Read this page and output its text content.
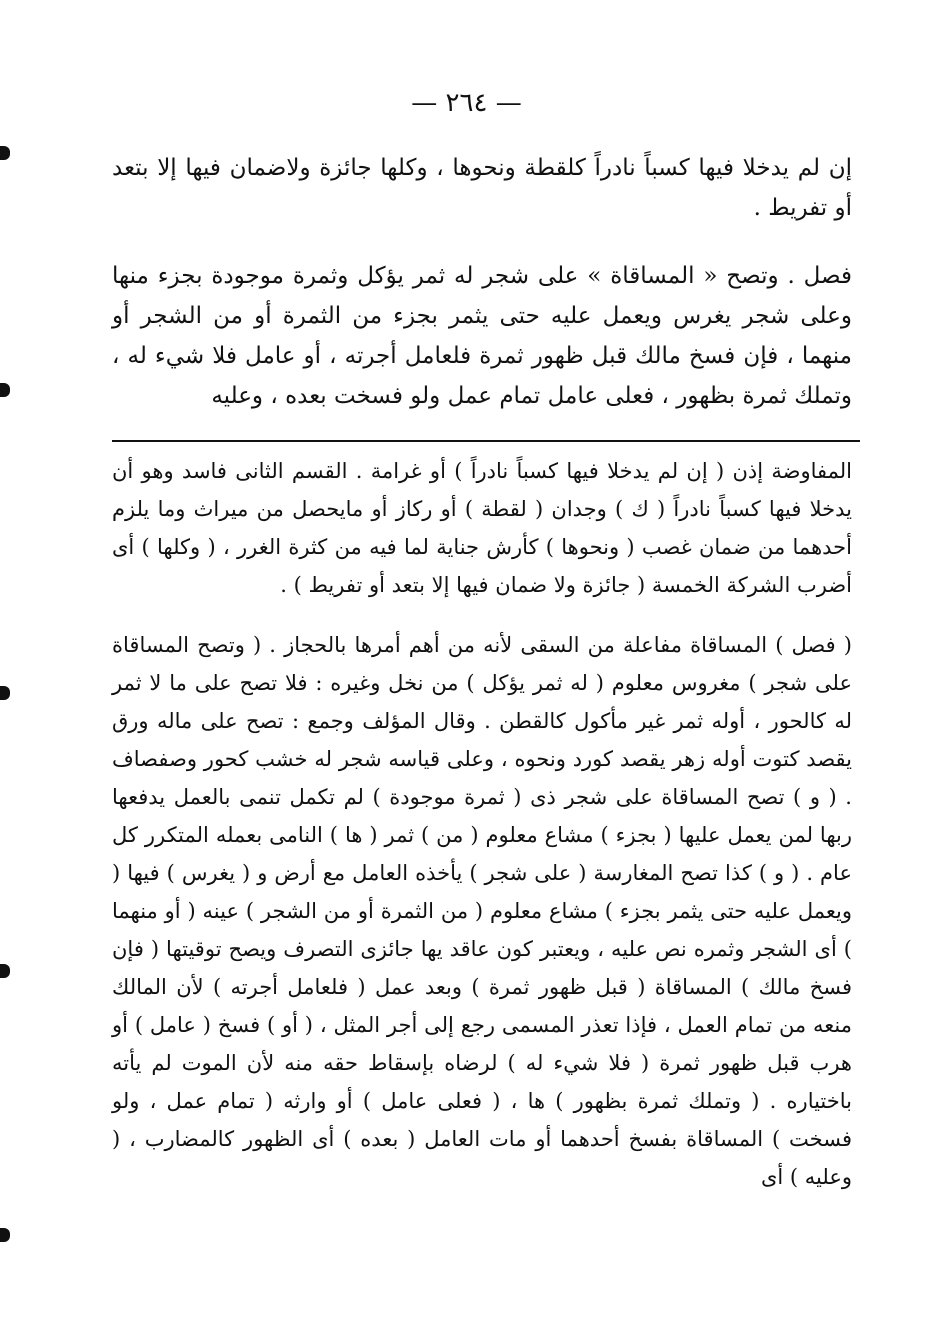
— ٢٦٤ —

إن لم يدخلا فيها كسباً نادراً كلقطة ونحوها ، وكلها جائزة ولاضمان فيها إلا بتعد أو تفريط .

فصل . وتصح « المساقاة » على شجر له ثمر يؤكل وثمرة موجودة بجزء منها وعلى شجر يغرس ويعمل عليه حتى يثمر بجزء من الثمرة أو من الشجر أو منهما ، فإن فسخ مالك قبل ظهور ثمرة فلعامل أجرته ، أو عامل فلا شيء له ، وتملك ثمرة بظهور ، فعلى عامل تمام عمل ولو فسخت بعده ، وعليه

المفاوضة إذن ( إن لم يدخلا فيها كسباً نادراً ) أو غرامة . القسم الثانى فاسد وهو أن يدخلا فيها كسباً نادراً ( ك ) وجدان ( لقطة ) أو ركاز أو مايحصل من ميراث وما يلزم أحدهما من ضمان غصب ( ونحوها ) كأرش جناية لما فيه من كثرة الغرر ، ( وكلها ) أى أضرب الشركة الخمسة ( جائزة ولا ضمان فيها إلا بتعد أو تفريط ) .

( فصل ) المساقاة مفاعلة من السقى لأنه من أهم أمرها بالحجاز . ( وتصح المساقاة على شجر ) مغروس معلوم ( له ثمر يؤكل ) من نخل وغيره : فلا تصح على ما لا ثمر له كالحور ، أوله ثمر غير مأكول كالقطن . وقال المؤلف وجمع : تصح على ماله ورق يقصد كتوت أوله زهر يقصد كورد ونحوه ، وعلى قياسه شجر له خشب كحور وصفصاف . ( و ) تصح المساقاة على شجر ذى ( ثمرة موجودة ) لم تكمل تنمى بالعمل يدفعها ربها لمن يعمل عليها ( بجزء ) مشاع معلوم ( من ) ثمر ( ها ) النامى بعمله المتكرر كل عام . ( و ) كذا تصح المغارسة ( على شجر ) يأخذه العامل مع أرض و ( يغرس ) فيها ( ويعمل عليه حتى يثمر بجزء ) مشاع معلوم ( من الثمرة أو من الشجر ) عينه ( أو منهما ) أى الشجر وثمره نص عليه ، ويعتبر كون عاقد يها جائزى التصرف ويصح توقيتها ( فإن فسخ مالك ) المساقاة ( قبل ظهور ثمرة ) وبعد عمل ( فلعامل أجرته ) لأن المالك منعه من تمام العمل ، فإذا تعذر المسمى رجع إلى أجر المثل ، ( أو ) فسخ ( عامل ) أو هرب قبل ظهور ثمرة ( فلا شيء له ) لرضاه بإسقاط حقه منه لأن الموت لم يأته باختياره . ( وتملك ثمرة بظهور ) ها ، ( فعلى عامل ) أو وارثه ( تمام عمل ، ولو فسخت ) المساقاة بفسخ أحدهما أو مات العامل ( بعده ) أى الظهور كالمضارب ، ( وعليه ) أى
